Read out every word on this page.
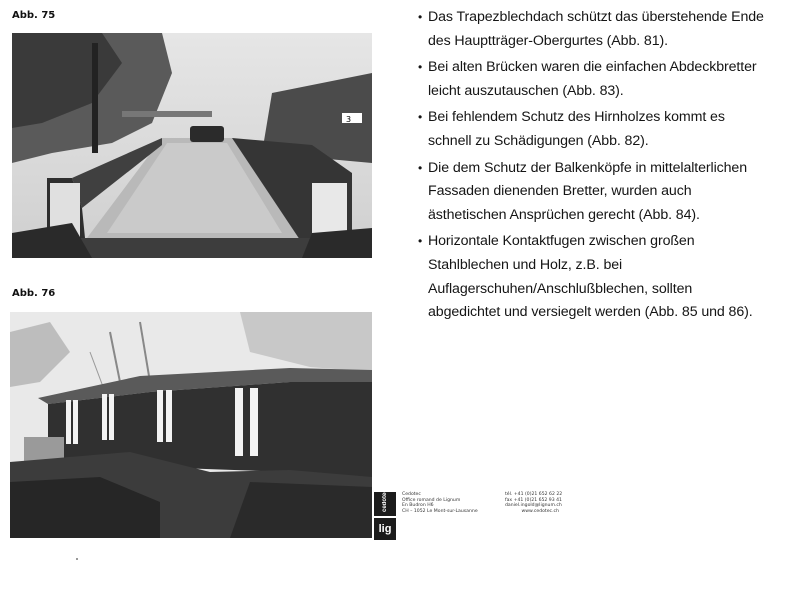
Abb. 75
Abb. 76
3
• Das Trapezblechdach schützt das überstehende Ende des Hauptträger-Obergurtes (Abb. 81).
• Bei alten Brücken waren die einfachen Abdeckbretter leicht auszutauschen (Abb. 83).
• Bei fehlendem Schutz des Hirnholzes kommt es schnell zu Schädigungen (Abb. 82).
• Die dem Schutz der Balkenköpfe in mittelalterlichen Fassaden dienenden Bretter, wurden auch ästhetischen Ansprüchen gerecht (Abb. 84).
• Horizontale Kontaktfugen zwischen großen Stahlblechen und Holz, z.B. bei Auflagerschuhen/Anschlußblechen, sollten abgedichtet und versiegelt werden (Abb. 85 und 86).
cedotec
lig
Cedotec
Office romand de Lignum
En Budron H6
CH – 1052 Le Mont-sur-Lausanne
tél. +41 (0)21 652 62 22
fax +41 (0)21 652 93 41
daniel.ingold@lignum.ch
www.cedotec.ch
